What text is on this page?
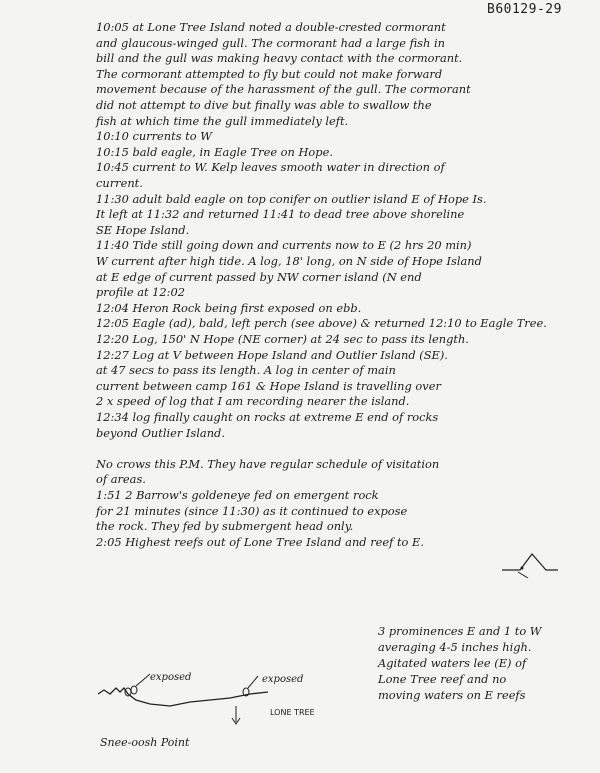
B60129-29
10:05 at Lone Tree Island noted a double-crested cormorant
and glaucous-winged gull. The cormorant had a large fish in
bill and the gull was making heavy contact with the cormorant.
The cormorant attempted to fly but could not make forward
movement because of the harassment of the gull. The cormorant
did not attempt to dive but finally was able to swallow the
fish at which time the gull immediately left.
10:10 currents to W
10:15 bald eagle, in Eagle Tree on Hope.
10:45 current to W. Kelp leaves smooth water in direction of
current.
11:30 adult bald eagle on top conifer on outlier island E of Hope Is.
It left at 11:32 and returned 11:41 to dead tree above shoreline
SE Hope Island.
11:40 Tide still going down and currents now to E (2 hrs 20 min)
W current after high tide. A log, 18' long, on N side of Hope Island
at E edge of current passed by NW corner island (N end
profile at 12:02
12:04 Heron Rock being first exposed on ebb.
12:05 Eagle (ad), bald, left perch (see above) & returned 12:10 to Eagle Tree.
12:20 Log, 150' N Hope (NE corner) at 24 sec to pass its length.
12:27 Log at V between Hope Island and Outlier Island (SE).
at 47 secs to pass its length. A log in center of main
current between camp 161 & Hope Island is travelling over
2 x speed of log that I am recording nearer the island.
12:34 log finally caught on rocks at extreme E end of rocks
beyond Outlier Island.
No crows this P.M. They have regular schedule of visitation
of areas.
1:51 2 Barrow's goldeneye fed on emergent rock
for 21 minutes (since 11:30) as it continued to expose
the rock. They fed by submergent head only.
2:05 Highest reefs out of Lone Tree Island and reef to E.
3 prominences E and 1 to W
averaging 4-5 inches high.
Agitated waters lee (E) of
Lone Tree reef and no
moving waters on E reefs
exposed	exposed
LONE TREE
Snee-oosh Point
